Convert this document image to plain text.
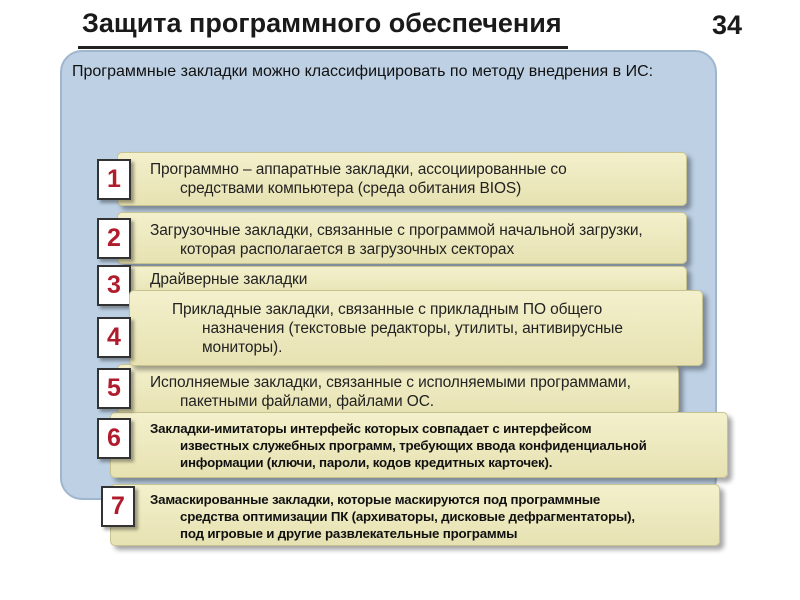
Защита программного обеспечения	34
Программные закладки можно классифицировать по методу внедрения в ИС:
Программно – аппаратные закладки, ассоциированные со
средствами компьютера (среда обитания BIOS)
1
Загрузочные закладки, связанные с программой начальной загрузки,
которая располагается в загрузочных секторах
2
Драйверные закладки
3
Прикладные закладки, связанные с прикладным ПО общего
назначения (текстовые редакторы, утилиты, антивирусные
мониторы).
4
Исполняемые закладки, связанные с исполняемыми программами,
пакетными файлами, файлами ОС.
5
Закладки-имитаторы интерфейс которых совпадает с интерфейсом
известных служебных программ, требующих ввода конфиденциальной
информации (ключи, пароли, кодов кредитных карточек).
6
Замаскированные закладки, которые маскируются под программные
средства оптимизации ПК (архиваторы, дисковые дефрагментаторы),
под игровые и другие развлекательные программы
7
